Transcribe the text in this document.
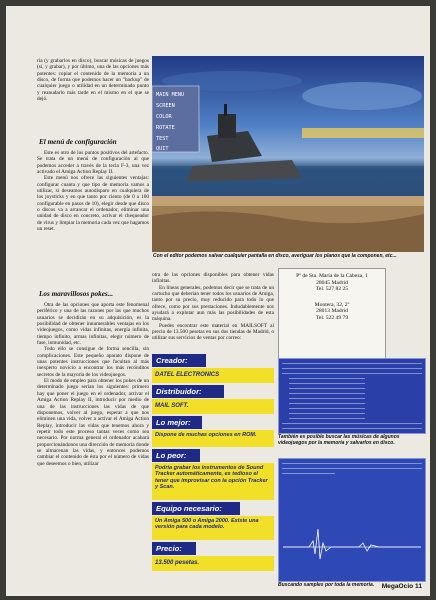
ría (y grabarlos en disco), buscar músicas de juegos (sí, y grabar), y por último, una de las opciones más potentes: copiar el contenido de la memoria a un disco, de forma que podemos hacer un "backup" de cualquier juego o utilidad en un determinado punto y reanudarlo más tarde en el mismo en el que se dejó.

El menú de configuración

Este es otro de los puntos positivos del artefacto. Se trata de un menú de configuración al que podemos acceder a través de la tecla F-3, una vez activado el Amiga Action Replay II.

Este menú nos ofrece las siguientes ventajas: configurar cuanta y que tipo de memoria vamos a utilizar, si deseamos autodisparo en cualquiera de los joysticks y en que tanto por ciento (de 0 a 100 configurable en pasos de 10), elegir desde que disco o discos va a arrancar el ordenador, eliminar una unidad de disco en concreto, activar el chequeador de virus y limpiar la memoria cada vez que hagamos un reset.

Los maravillosos pokes...

Otra de las opciones que aporta este fenomenal periférico y una de las razones por las que muchos usuarios se decidirán en su adquisición, es la posibilidad de obtener innumerables ventajas en los videojuegos, como vidas infinitas, energía infinita, tiempo infinito, armas infinitas, elegir número de fase, inmunidad, etc.

Todo ello se consigue de forma sencilla, sin complicaciones. Este pequeño aparato dispone de unas potentes instrucciones que facultan al más inexperto novicio a encontrar los más recónditos secretos de la mayoría de los videojuegos.

El modo de empleo para obtener los pokes de un determinado juego serían los siguientes: primero hay que poner el juego en el ordenador, activar el Amiga Action Replay II, introducir por medio de una de las instrucciones las vidas de que disponemos, volver al juego, esperar a que nos eliminen una vida, volver a activar el Amiga Action Replay, introducir las vidas que tenemos ahora y repetir todo este proceso tantas veces como sea necesario. Por norma general el ordenador acabará proporcionándonos una dirección de memoria donde se almacenan las vidas, y entonces podemos cambiar el contenido de ésta por el número de vidas que deseemos o bien, utilizar

MAIN MENU
SCREEN
COLOR
ROTATE
TEST
QUIT
Con el editor podemos salvar cualquier pantalla en disco, averiguar los planos que la componen, etc...

otra de las opciones disponibles para obtener vidas infinitas.

En líneas generales, podemos decir que se trata de un cartucho que deberían tener todos los usuarios de Amiga, tanto por su precio, muy reducido para todo lo que ofrece, como por sus prestaciones. Indudablemente nos ayudará a explotar aun más las posibilidades de esta máquina.

Puedes encontrar este material en MAILSOFT al precio de 13.500 pesetas en sus dos tiendas de Madrid, o utilizar sus servicios de ventas por correo:

Pº de Sta. María de la Cabeza, 1
28045 Madrid
Tel. 527 82 25
Montera, 32, 2º
28013 Madrid
Tel. 522 49 79
También es posible buscar las músicas de algunos videojuegos por la memoria y salvarlos en disco.
Buscando samples por toda la memoria.
Creador:
DATEL ELECTRONICS
Distribuidor:
MAIL SOFT.
Lo mejor:
Dispone de muchas opciones en ROM.
Lo peor:
Podría grabar los instrumentos de Sound Tracker automáticamente, es tedioso el tener que improvisar con la opción Tracker y Scan.
Equipo necesario:
Un Amiga 500 o Amiga 2000. Existe una versión para cada modelo.
Precio:
13.500 pesetas.
MegaOcio 11
